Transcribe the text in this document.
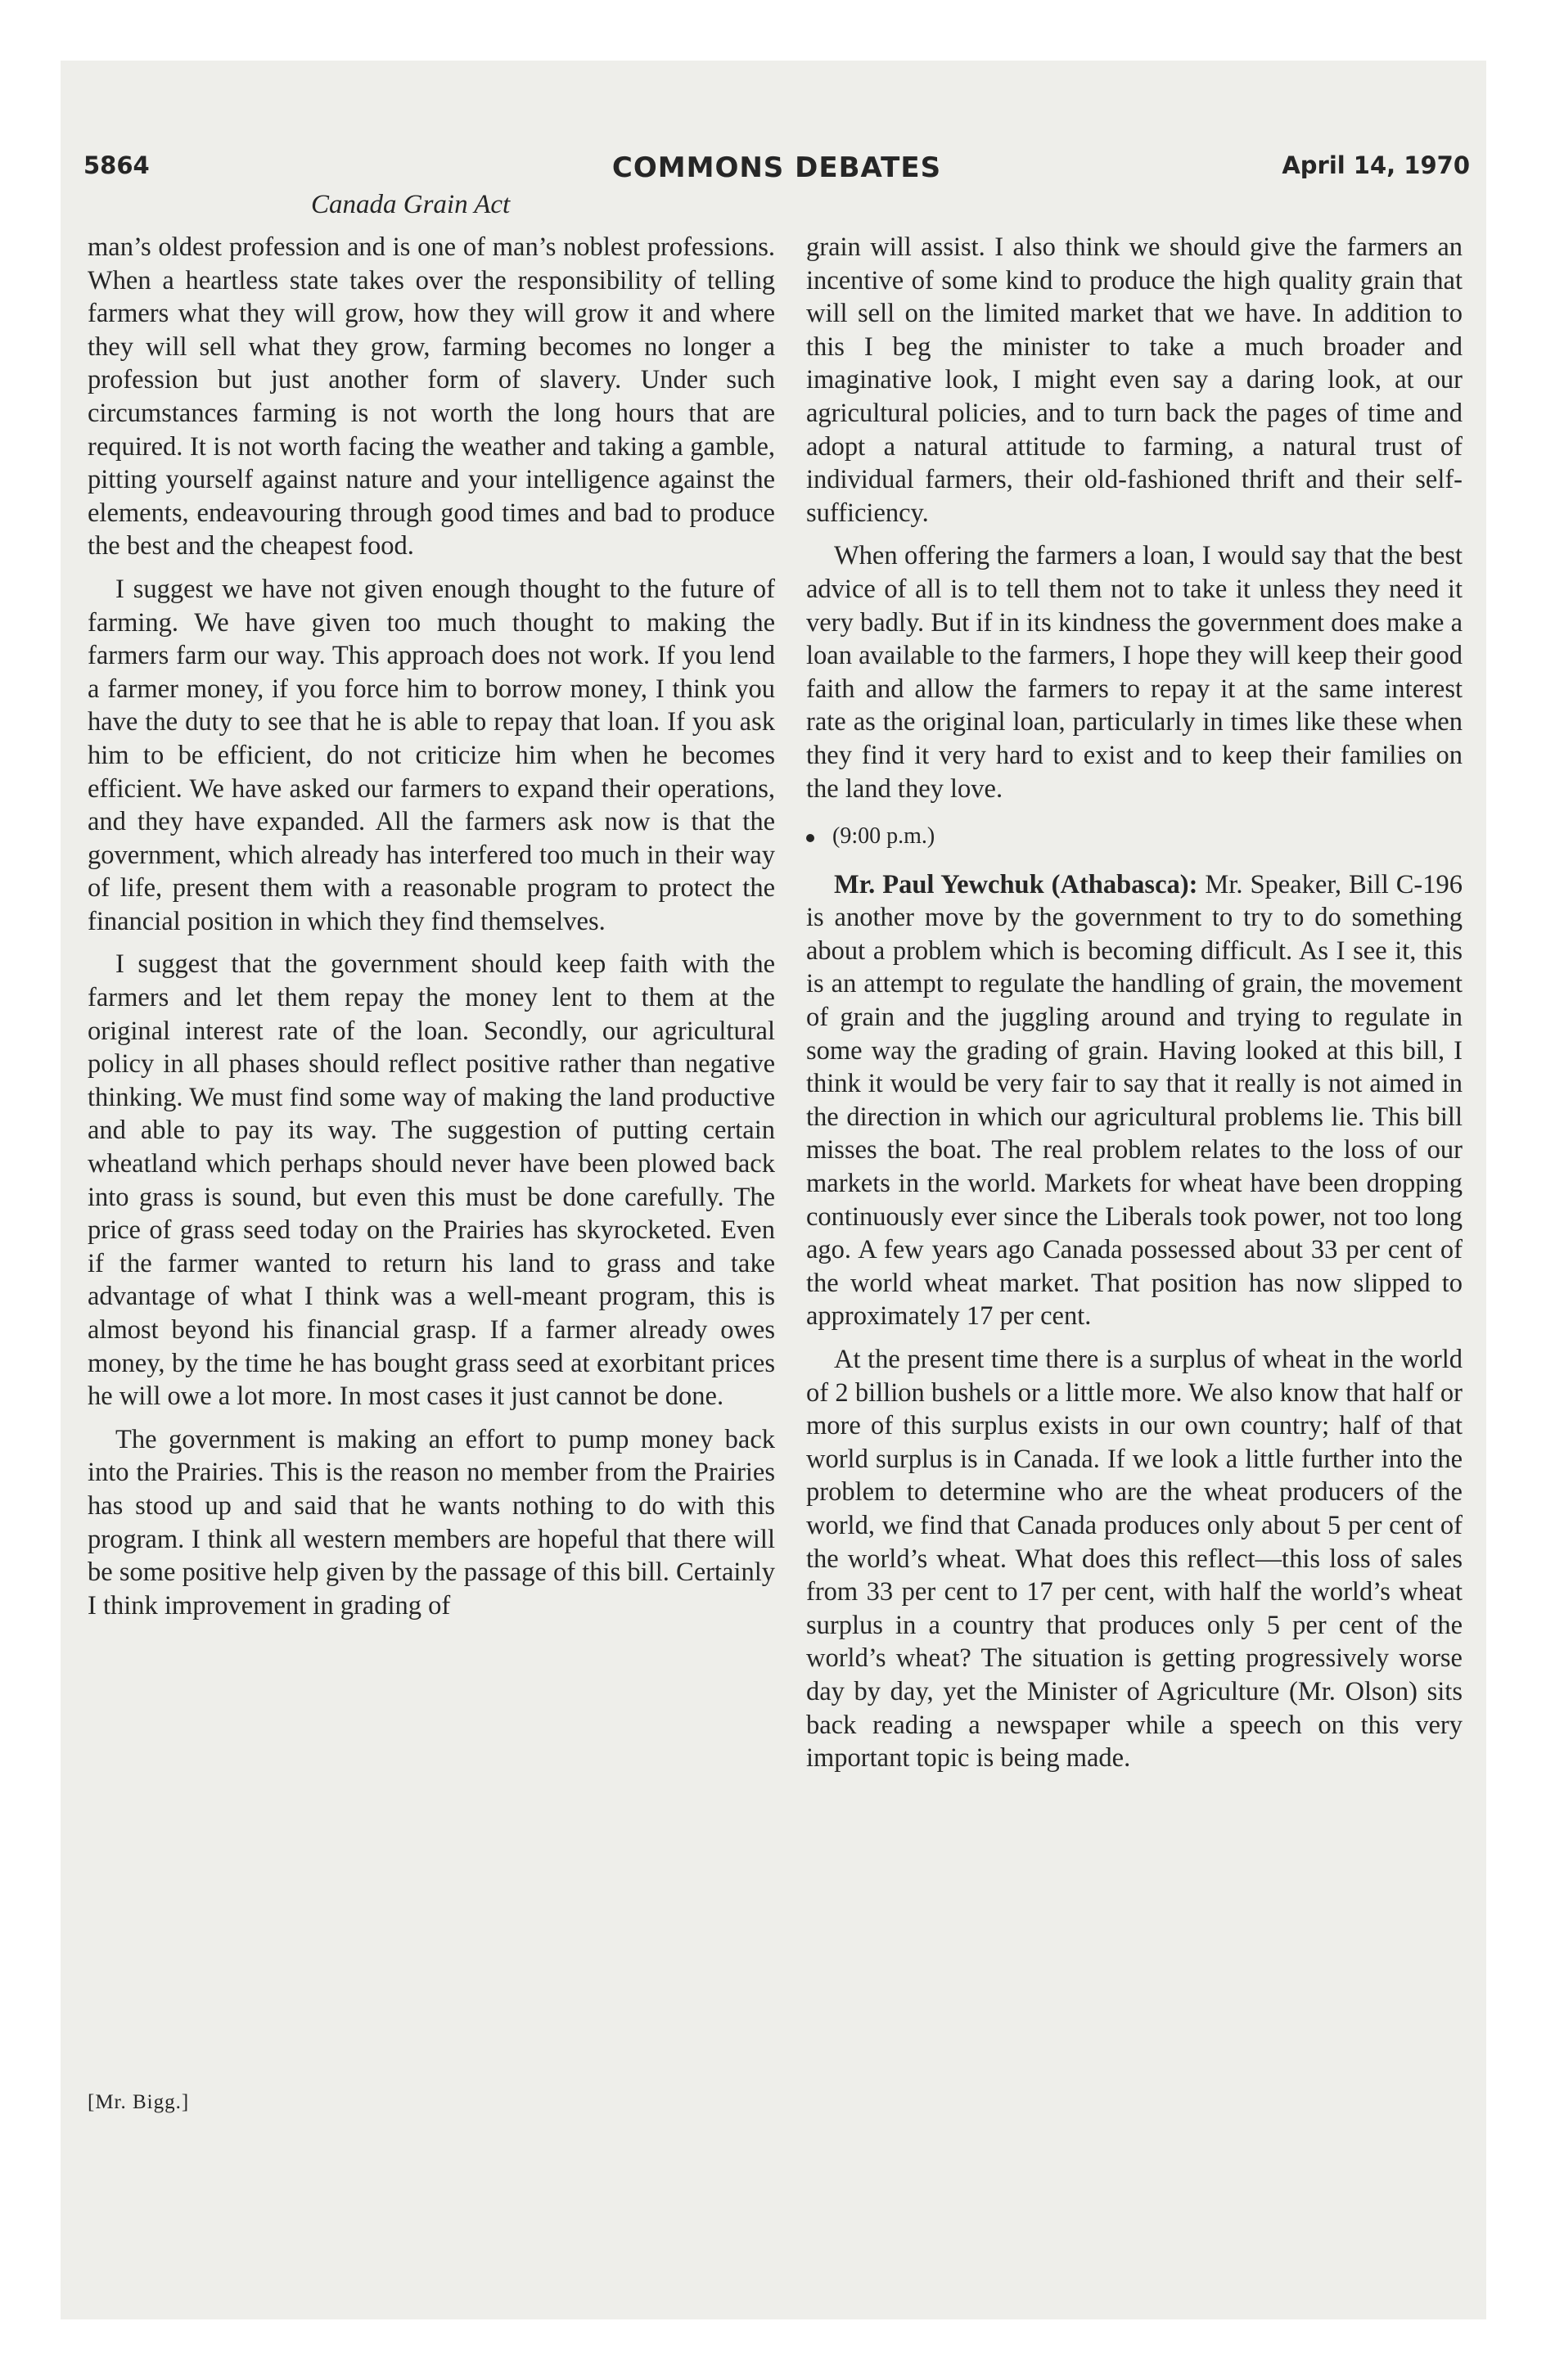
5864	COMMONS DEBATES	April 14, 1970
Canada Grain Act

man’s oldest profession and is one of man’s noblest professions. When a heartless state takes over the responsibility of telling farmers what they will grow, how they will grow it and where they will sell what they grow, farming becomes no longer a profession but just another form of slavery. Under such circumstances farming is not worth the long hours that are required. It is not worth facing the weather and taking a gamble, pitting yourself against nature and your intelligence against the elements, endeavouring through good times and bad to produce the best and the cheapest food.

I suggest we have not given enough thought to the future of farming. We have given too much thought to making the farmers farm our way. This approach does not work. If you lend a farmer money, if you force him to borrow money, I think you have the duty to see that he is able to repay that loan. If you ask him to be efficient, do not criticize him when he becomes efficient. We have asked our farmers to expand their operations, and they have expanded. All the farmers ask now is that the government, which already has interfered too much in their way of life, present them with a reasonable program to protect the financial position in which they find themselves.

I suggest that the government should keep faith with the farmers and let them repay the money lent to them at the original interest rate of the loan. Secondly, our agricultural policy in all phases should reflect positive rather than negative thinking. We must find some way of making the land productive and able to pay its way. The suggestion of putting certain wheatland which perhaps should never have been plowed back into grass is sound, but even this must be done carefully. The price of grass seed today on the Prairies has skyrocketed. Even if the farmer wanted to return his land to grass and take advantage of what I think was a well-meant program, this is almost beyond his financial grasp. If a farmer already owes money, by the time he has bought grass seed at exorbitant prices he will owe a lot more. In most cases it just cannot be done.

The government is making an effort to pump money back into the Prairies. This is the reason no member from the Prairies has stood up and said that he wants nothing to do with this program. I think all western members are hopeful that there will be some positive help given by the passage of this bill. Certainly I think improvement in grading of

[Mr. Bigg.]

grain will assist. I also think we should give the farmers an incentive of some kind to produce the high quality grain that will sell on the limited market that we have. In addition to this I beg the minister to take a much broader and imaginative look, I might even say a daring look, at our agricultural policies, and to turn back the pages of time and adopt a natural attitude to farming, a natural trust of individual farmers, their old-fashioned thrift and their self-sufficiency.

When offering the farmers a loan, I would say that the best advice of all is to tell them not to take it unless they need it very badly. But if in its kindness the government does make a loan available to the farmers, I hope they will keep their good faith and allow the farmers to repay it at the same interest rate as the original loan, particularly in times like these when they find it very hard to exist and to keep their families on the land they love.

(9:00 p.m.)

Mr. Paul Yewchuk (Athabasca): Mr. Speaker, Bill C-196 is another move by the government to try to do something about a problem which is becoming difficult. As I see it, this is an attempt to regulate the handling of grain, the movement of grain and the juggling around and trying to regulate in some way the grading of grain. Having looked at this bill, I think it would be very fair to say that it really is not aimed in the direction in which our agricultural problems lie. This bill misses the boat. The real problem relates to the loss of our markets in the world. Markets for wheat have been dropping continuously ever since the Liberals took power, not too long ago. A few years ago Canada possessed about 33 per cent of the world wheat market. That position has now slipped to approximately 17 per cent.

At the present time there is a surplus of wheat in the world of 2 billion bushels or a little more. We also know that half or more of this surplus exists in our own country; half of that world surplus is in Canada. If we look a little further into the problem to determine who are the wheat producers of the world, we find that Canada produces only about 5 per cent of the world’s wheat. What does this reflect—this loss of sales from 33 per cent to 17 per cent, with half the world’s wheat surplus in a country that produces only 5 per cent of the world’s wheat? The situation is getting progressively worse day by day, yet the Minister of Agriculture (Mr. Olson) sits back reading a newspaper while a speech on this very important topic is being made.
